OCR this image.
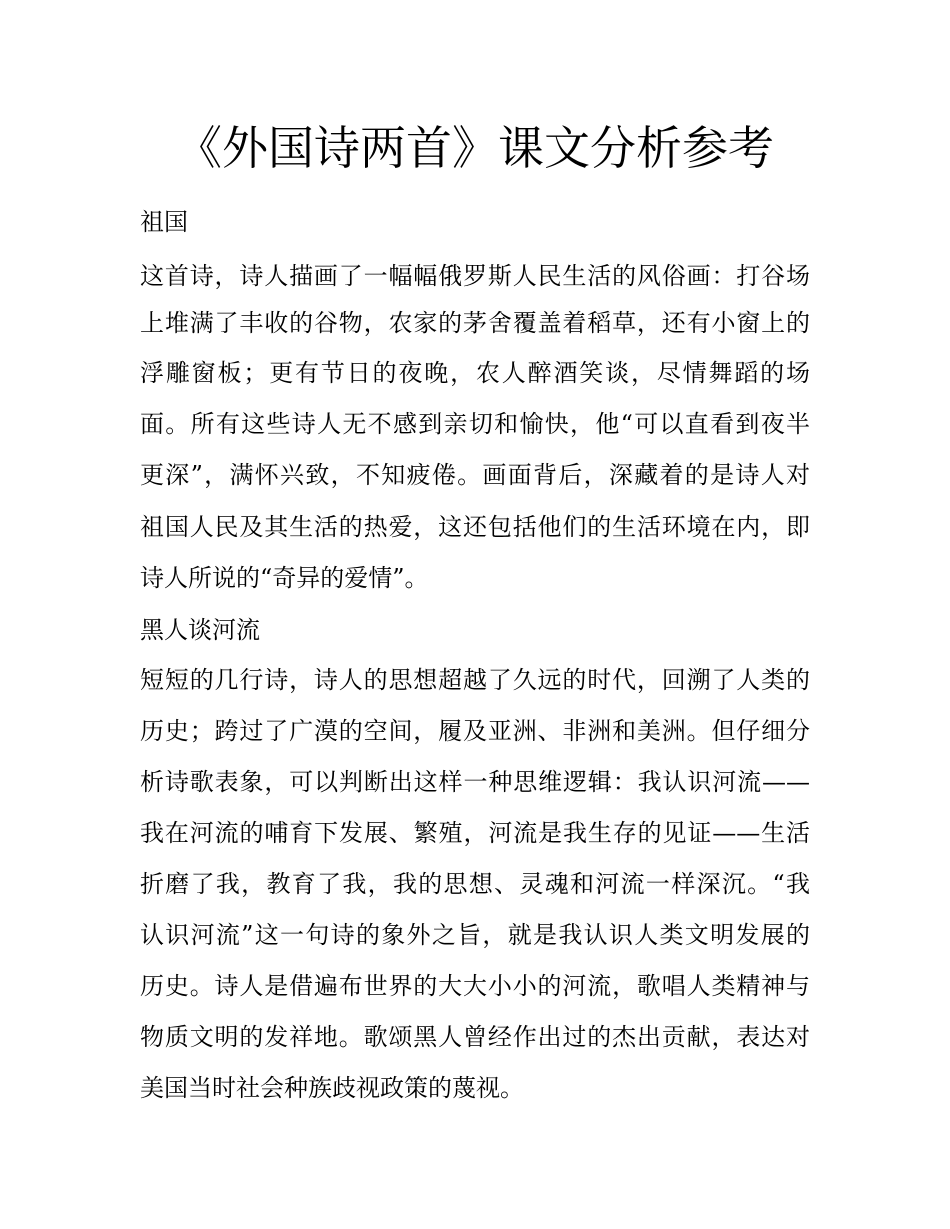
《外国诗两首》课文分析参考

祖国

这首诗，诗人描画了一幅幅俄罗斯人民生活的风俗画：打谷场

上堆满了丰收的谷物，农家的茅舍覆盖着稻草，还有小窗上的

浮雕窗板；更有节日的夜晚，农人醉酒笑谈，尽情舞蹈的场

面。所有这些诗人无不感到亲切和愉快，他“可以直看到夜半

更深”，满怀兴致，不知疲倦。画面背后，深藏着的是诗人对

祖国人民及其生活的热爱，这还包括他们的生活环境在内，即

诗人所说的“奇异的爱情”。

黑人谈河流

短短的几行诗，诗人的思想超越了久远的时代，回溯了人类的

历史；跨过了广漠的空间，履及亚洲、非洲和美洲。但仔细分

析诗歌表象，可以判断出这样一种思维逻辑：我认识河流——

我在河流的哺育下发展、繁殖，河流是我生存的见证——生活

折磨了我，教育了我，我的思想、灵魂和河流一样深沉。“我

认识河流”这一句诗的象外之旨，就是我认识人类文明发展的

历史。诗人是借遍布世界的大大小小的河流，歌唱人类精神与

物质文明的发祥地。歌颂黑人曾经作出过的杰出贡献，表达对

美国当时社会种族歧视政策的蔑视。
